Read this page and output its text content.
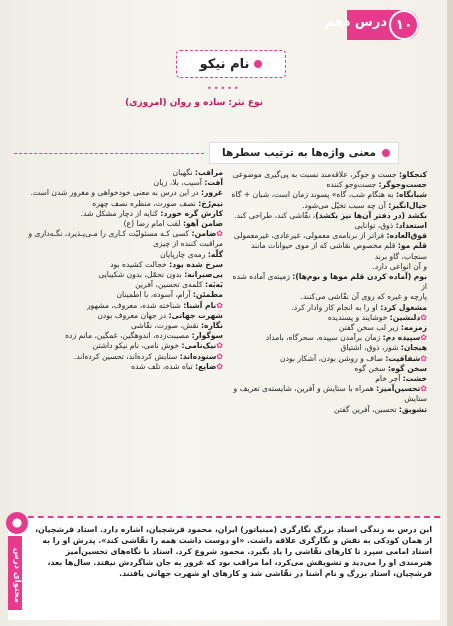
درس دهم ۱۰
نام نیکو
•••••
نوع نثر: ساده و روان (امروزی)
معنی واژه‌ها به ترتیب سطرها

کنجکاو: جست و جوگر، علاقه‌مند نسبت به پی‌گیری موضوعی

جست‌وجوگر: جست‌وجو کننده

شبانگاه: به هنگام شب، گاه» پسوند زمان است، شبان + گاه

خیال‌انگیز: آن چه سبب تخیّل می‌شود.

بکشد (در دفتر آن‌ها نیز بکشد)، نقّاشی کند، طراحی کند.

استعداد: ذوق، توانایی

فوق‌العاده: فراتر از برنامه‌ی معمولی، غیرعادی، غیرمعمولی

قلم مو: قلم مخصوص نقاشی که از موی حیوانات مانند سنجاب، گاو برند

و آن انواعی دارد.

بوم (آماده کردن قلم موها و بوم‌ها): زمینه‌ی آماده شده از

پارچه و غیره که روی آن نقّاشی می‌کنند.

مشغول کرد: او را به انجام کار وادار کرد.

✿دلنشین: خوشایند و پسندیده

زمزمه: زیر لب سخن گفتن

✿سپیده دم: زمان برآمدن سپیده، سحرگاه، بامداد

هیجان: شور، ذوق، اشتیاق

✿شفافیت: صاف و روشن بودن، آشکار بودن

سخن گوه: سخن گوه

خشت: آجر خام

✿تحسین‌آمیز: همراه با ستایش و آفرین، شایسته‌ی تعریف و ستایش

تشویق: تحسین، آفرین گفتن

مراقب: نگهبان

آفت: آسیب، بلا، زیان

غرور: در این درس به معنی خودخواهی و مغرور شدن است.

نیم‌رُخ: نصف صورت، منظره نصف چهره

کارش گره خورد: کنایه از دچار مشکل شد.

ضامن آهو: لقب امام رضا (ع)

✿ضامن: کسی کـه مسئولیّت کـاری را مـی‌پـذیرد، نگـه‌داری و

مراقبت کننده از چیزی

گلّه: رمه‌ی چارپایان

سرخ شده بود: خجالت کشیده بود

بی‌صبرانه: بدون تحمّل، بدون شکیبایی

بَه‌بَه: کلمه‌ی تحسین، آفرین

مطمئن: آرام، آسوده، با اطمینان

✿نام آشنا: شناخته شده، معروف، مشهور

شهرت جهانی: در جهان معروف بودن

نگاره: نقش، صورت، نقّاشی

سوگوار: مصیبت‌زده، اندوهگین، غمگین، ماتم زده

✿نیک‌نامی: خوش نامی، نام نیکو داشتن

✿ستوده‌اند: ستایش کرده‌اند، تحسین کرده‌اند.

✿ضایع: تباه شده، تلف شده

محتوای درس
این درس به زندگی استاد بزرگ نگارگری (مینیاتور) ایران، محمود فرشچیان، اشاره دارد. استاد فرشچیان، از همان کودکی به نقش و نگارگری علاقه داشت. «او دوست داشت همه را نقّاشی کند». پدرش او را به استاد امامی سپرد تا کارهای نقّاشی را یاد بگیرد. محمود شروع کرد. استاد با نگاه‌های تحسین‌آمیز هنرمندی او را می‌دید و تشویقش می‌کرد، اما مراقب بود که غرور به جان شاگردش نیفتد. سال‌ها بعد، فرشچیان، استاد بزرگ و نام آشنا در نقّاشی شد و کارهای او شهرت جهانی یافتند.
